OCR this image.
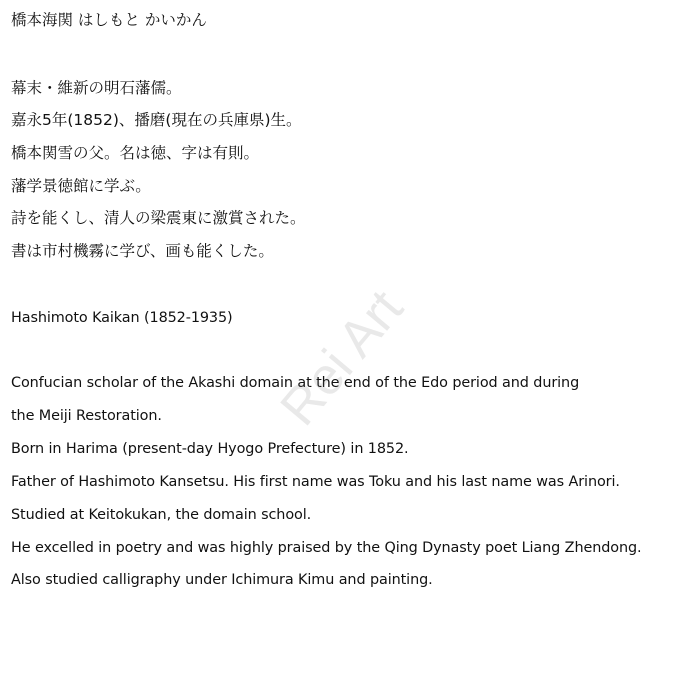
橋本海関 はしもと かいかん
幕末・維新の明石藩儒。
嘉永5年(1852)、播磨(現在の兵庫県)生。
橋本関雪の父。名は徳、字は有則。
藩学景徳館に学ぶ。
詩を能くし、清人の梁震東に激賞された。
書は市村機霧に学び、画も能くした。
Hashimoto Kaikan (1852-1935)
Confucian scholar of the Akashi domain at the end of the Edo period and during
the Meiji Restoration.
Born in Harima (present-day Hyogo Prefecture) in 1852.
Father of Hashimoto Kansetsu. His first name was Toku and his last name was Arinori.
Studied at Keitokukan, the domain school.
He excelled in poetry and was highly praised by the Qing Dynasty poet Liang Zhendong.
Also studied calligraphy under Ichimura Kimu and painting.
Rei Art
